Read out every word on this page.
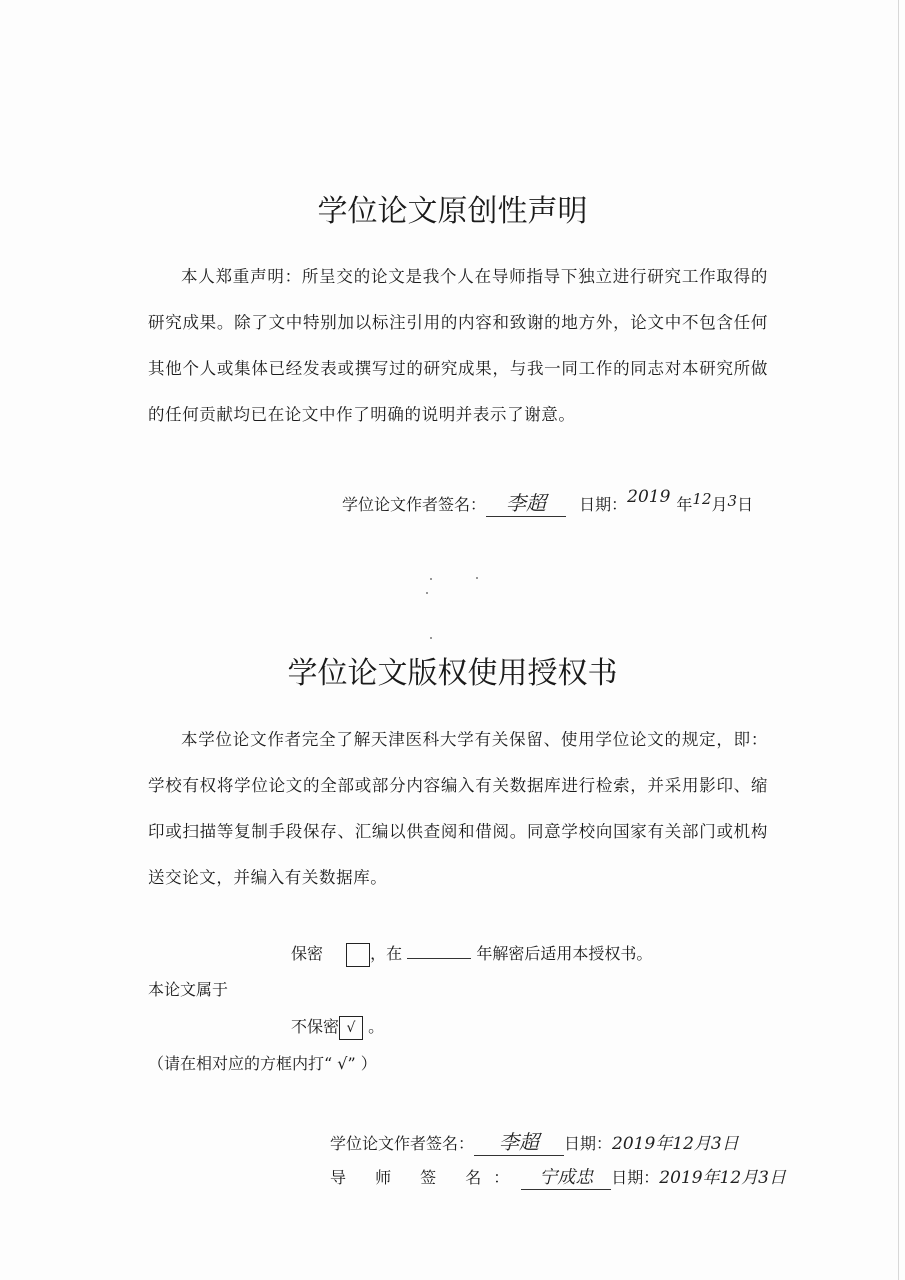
学位论文原创性声明

本人郑重声明：所呈交的论文是我个人在导师指导下独立进行研究工作取得的研究成果。除了文中特别加以标注引用的内容和致谢的地方外，论文中不包含任何其他个人或集体已经发表或撰写过的研究成果，与我一同工作的同志对本研究所做的任何贡献均已在论文中作了明确的说明并表示了谢意。

学位论文作者签名： 李超 日期：2019 年12月3日
学位论文版权使用授权书

本学位论文作者完全了解天津医科大学有关保留、使用学位论文的规定，即：学校有权将学位论文的全部或部分内容编入有关数据库进行检索，并采用影印、缩印或扫描等复制手段保存、汇编以供查阅和借阅。同意学校向国家有关部门或机构送交论文，并编入有关数据库。

保密	，在	年解密后适用本授权书。
本论文属于
不保密 √ 。
（请在相对应的方框内打“ √” ）
学位论文作者签名： 李超 日期：2019年12月3日
导 师 签 名： 宁成忠 日期：2019年12月3日
